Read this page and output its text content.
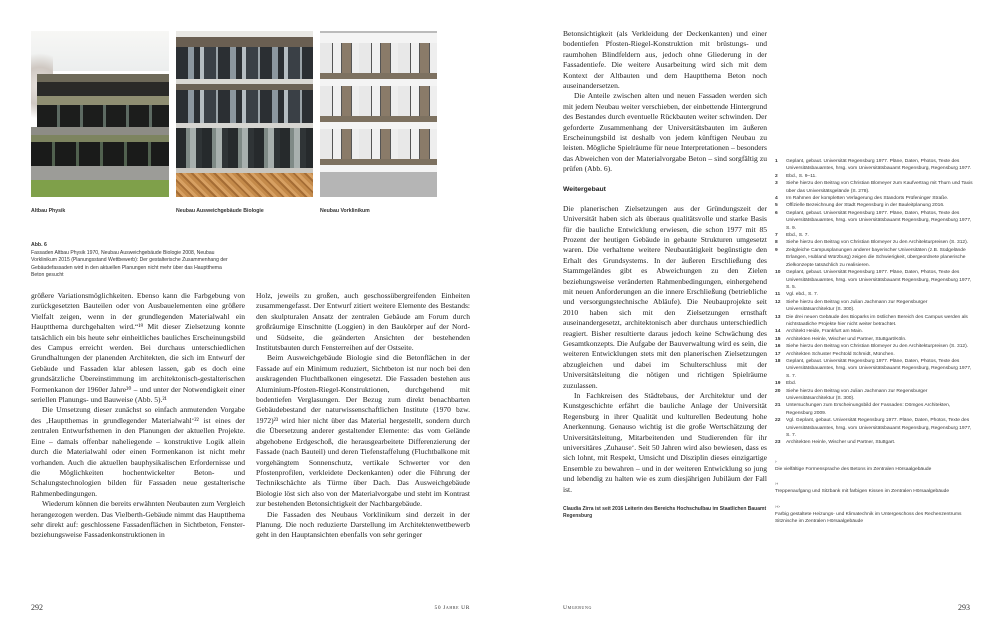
Altbau Physik	Neubau Ausweichgebäude Biologie	Neubau Vorklinikum
Abb. 6
Fassaden Altbau Physik 1970, Neubau Ausweichgebäude Biologie 2008, Neubau Vorklinikum 2015 (Planungsstand Wettbewerb): Der gestalterische Zusammenhang der Gebäudefassaden wird in den aktuellen Planungen nicht mehr über das Hauptthema Beton gesucht

größere Variationsmöglichkeiten. Ebenso kann die Farbgebung von zurückgesetzten Bauteilen oder von Ausbauelementen eine größere Vielfalt zeigen, wenn in der grundlegenden Materialwahl ein Hauptthema durchgehalten wird.“¹⁹ Mit dieser Zielsetzung konnte tatsächlich ein bis heute sehr einheitliches bauliches Erscheinungsbild des Campus erreicht werden. Bei durchaus unterschiedlichen Grundhaltungen der planenden Architekten, die sich im Entwurf der Gebäude und Fassaden klar ablesen lassen, gab es doch eine grundsätzliche Übereinstimmung im architektonisch-gestalterischen Formenkanon der 1960er Jahre²⁰ – und unter der Notwendigkeit einer seriellen Planungs- und Bauweise (Abb. 5).²¹

Die Umsetzung dieser zunächst so einfach anmutenden Vorgabe des ‚Hauptthemas in grundlegender Materialwahl‘²² ist eines der zentralen Entwurfsthemen in den Planungen der aktuellen Projekte. Eine – damals offenbar naheliegende – konstruktive Logik allein durch die Materialwahl oder einen Formenkanon ist nicht mehr vorhanden. Auch die aktuellen bauphysikalischen Erfordernisse und die Möglichkeiten hochentwickelter Beton- und Schalungstechnologien bilden für Fassaden neue gestalterische Rahmenbedingungen.

Wiederum können die bereits erwähnten Neubauten zum Vergleich herangezogen werden. Das Vielberth-Gebäude nimmt das Hauptthema sehr direkt auf: geschlossene Fassadenflächen in Sichtbeton, Fenster- beziehungsweise Fassadenkonstruktionen in

Holz, jeweils zu großen, auch geschossübergreifenden Einheiten zusammengefasst. Der Entwurf zitiert weitere Elemente des Bestands: den skulpturalen Ansatz der zentralen Gebäude am Forum durch großräumige Einschnitte (Loggien) in den Baukörper auf der Nord- und Südseite, die geänderten Ansichten der bestehenden Institutsbauten durch Fensterreihen auf der Ostseite.

Beim Ausweichgebäude Biologie sind die Betonflächen in der Fassade auf ein Minimum reduziert, Sichtbeton ist nur noch bei den auskragenden Fluchtbalkonen eingesetzt. Die Fassaden bestehen aus Aluminium-Pfosten-Riegel-Konstruktionen, durchgehend mit bodentiefen Verglasungen. Der Bezug zum direkt benachbarten Gebäudebestand der naturwissenschaftlichen Institute (1970 bzw. 1972)²³ wird hier nicht über das Material hergestellt, sondern durch die Übersetzung anderer gestaltender Elemente: das vom Gelände abgehobene Erdgeschoß, die herausgearbeitete Differenzierung der Fassade (nach Bauteil) und deren Tiefenstaffelung (Fluchtbalkone mit vorgehängtem Sonnenschutz, vertikale Schwerter vor den Pfostenprofilen, verkleidete Deckenkanten) oder die Führung der Technikschächte als Türme über Dach. Das Ausweichgebäude Biologie löst sich also von der Materialvorgabe und steht im Kontrast zur bestehenden Betonsichtigkeit der Nachbargebäude.

Die Fassaden des Neubaus Vorklinikum sind derzeit in der Planung. Die noch reduzierte Darstellung im Architektenwettbewerb geht in den Hauptansichten ebenfalls von sehr geringer

292	50 Jahre UR

Betonsichtigkeit (als Verkleidung der Deckenkanten) und einer bodentiefen Pfosten-Riegel-Konstruktion mit brüstungs- und raumhohen Blindfeldern aus, jedoch ohne Gliederung in der Fassadentiefe. Die weitere Ausarbeitung wird sich mit dem Kontext der Altbauten und dem Hauptthema Beton noch auseinandersetzen.

Die Anteile zwischen alten und neuen Fassaden werden sich mit jedem Neubau weiter verschieben, der einbettende Hintergrund des Bestandes durch eventuelle Rückbauten weiter schwinden. Der geforderte Zusammenhang der Universitätsbauten im äußeren Erscheinungsbild ist deshalb von jedem künftigen Neubau zu leisten. Mögliche Spielräume für neue Interpretationen – besonders das Abweichen von der Materialvorgabe Beton – sind sorgfältig zu prüfen (Abb. 6).

Weitergebaut

Die planerischen Zielsetzungen aus der Gründungszeit der Universität haben sich als überaus qualitätsvolle und starke Basis für die bauliche Entwicklung erwiesen, die schon 1977 mit 85 Prozent der heutigen Gebäude in gebaute Strukturen umgesetzt waren. Die verhaltene weitere Neubautätigkeit begünstigte den Erhalt des Grundsystems. In der äußeren Erschließung des Stammgeländes gibt es Abweichungen zu den Zielen beziehungsweise veränderten Rahmenbedingungen, einhergehend mit neuen Anforderungen an die innere Erschließung (betriebliche und versorgungstechnische Abläufe). Die Neubauprojekte seit 2010 haben sich mit den Zielsetzungen ernsthaft auseinandergesetzt, architektonisch aber durchaus unterschiedlich reagiert. Bisher resultierte daraus jedoch keine Schwächung des Gesamtkonzepts. Die Aufgabe der Bauverwaltung wird es sein, die weiteren Entwicklungen stets mit den planerischen Zielsetzungen abzugleichen und dabei im Schulterschluss mit der Universitätsleitung die nötigen und richtigen Spielräume zuzulassen.

In Fachkreisen des Städtebaus, der Architektur und der Kunstgeschichte erfährt die bauliche Anlage der Universität Regensburg in ihrer Qualität und kulturellen Bedeutung hohe Anerkennung. Genauso wichtig ist die große Wertschätzung der Universitätsleitung, Mitarbeitenden und Studierenden für ihr universitäres ‚Zuhause‘. Seit 50 Jahren wird also bewiesen, dass es sich lohnt, mit Respekt, Umsicht und Disziplin dieses einzigartige Ensemble zu bewahren – und in der weiteren Entwicklung so jung und lebendig zu halten wie es zum diesjährigen Jubiläum der Fall ist.

Claudia Zirra ist seit 2016 Leiterin des Bereichs Hochschulbau im Staatlichen Bauamt Regensburg
1	Geplant, gebaut. Universität Regensburg 1977. Pläne, Daten, Photos, Texte des Universitätsbauamtes, hrsg. vom Universitätsbauamt Regensburg, Regensburg 1977.
2	Ebd., S. 9–11.
3	Siehe hierzu den Beitrag von Christian Blomeyer zum Kaufvertrag mit Thurn und Taxis über das Universitätsgelände (S. 278).
4	Im Rahmen der kompletten Verlagerung des Standorts Prüfeninger Straße.
5	Offizielle Bezeichnung der Stadt Regensburg in der Bauleitplanung 2016.
6	Geplant, gebaut. Universität Regensburg 1977. Pläne, Daten, Photos, Texte des Universitätsbauamtes, hrsg. vom Universitätsbauamt Regensburg, Regensburg 1977, S. 9.
7	Ebd., S. 7.
8	Siehe hierzu den Beitrag von Christian Blomeyer zu den Architekturpreisen (S. 312).
9	Zeitgleiche Campusplanungen anderer bayerischer Universitäten (z.B. Südgelände Erlangen, Hubland Würzburg) zeigen die Schwierigkeit, übergeordnete planerische Zielkonzepte tatsächlich zu realisieren.
10	Geplant, gebaut. Universität Regensburg 1977. Pläne, Daten, Photos, Texte des Universitätsbauamtes, hrsg. vom Universitätsbauamt Regensburg, Regensburg 1977, S. 5.
11	Vgl. ebd., S. 7.
12	Siehe hierzu den Beitrag von Julian Jachmann zur Regensburger Universitätsarchitektur (S. 300).
13	Die drei neuen Gebäude des Bioparks im östlichen Bereich des Campus werden als nichtstaatliche Projekte hier nicht weiter betrachtet.
14	Architekt Heide, Frankfurt am Main.
15	Architekten Heinle, Wischer und Partner, Stuttgart/Köln.
16	Siehe hierzu den Beitrag von Christian Blomeyer zu den Architekturpreisen (S. 312).
17	Architekten Schuster Pechtold Schmidt, München.
18	Geplant, gebaut. Universität Regensburg 1977. Pläne, Daten, Photos, Texte des Universitätsbauamtes, hrsg. vom Universitätsbauamt Regensburg, Regensburg 1977, S. 7.
19	Ebd.
20	Siehe hierzu den Beitrag von Julian Jachmann zur Regensburger Universitätsarchitektur (S. 300).
21	Untersuchungen zum Erscheinungsbild der Fassaden: Dömges Architekten, Regensburg 2009.
22	Vgl. Geplant, gebaut. Universität Regensburg 1977. Pläne, Daten, Photos, Texte des Universitätsbauamtes, hrsg. vom Universitätsbauamt Regensburg, Regensburg 1977, S. 7.
23	Architekten Heinle, Wischer und Partner, Stuttgart.
›
Die vielfältige Formensprache des Betons im Zentralen Hörsaalgebäude
››
Treppenaufgang und Sitzbank mit farbigen Kissen im Zentralen Hörsaalgebäude
›››
Farbig gestaltete Heizungs- und Klimatechnik im Untergeschoss des Rechenzentrums Sitznische im Zentralen Hörsaalgebäude
Umgebung	293
